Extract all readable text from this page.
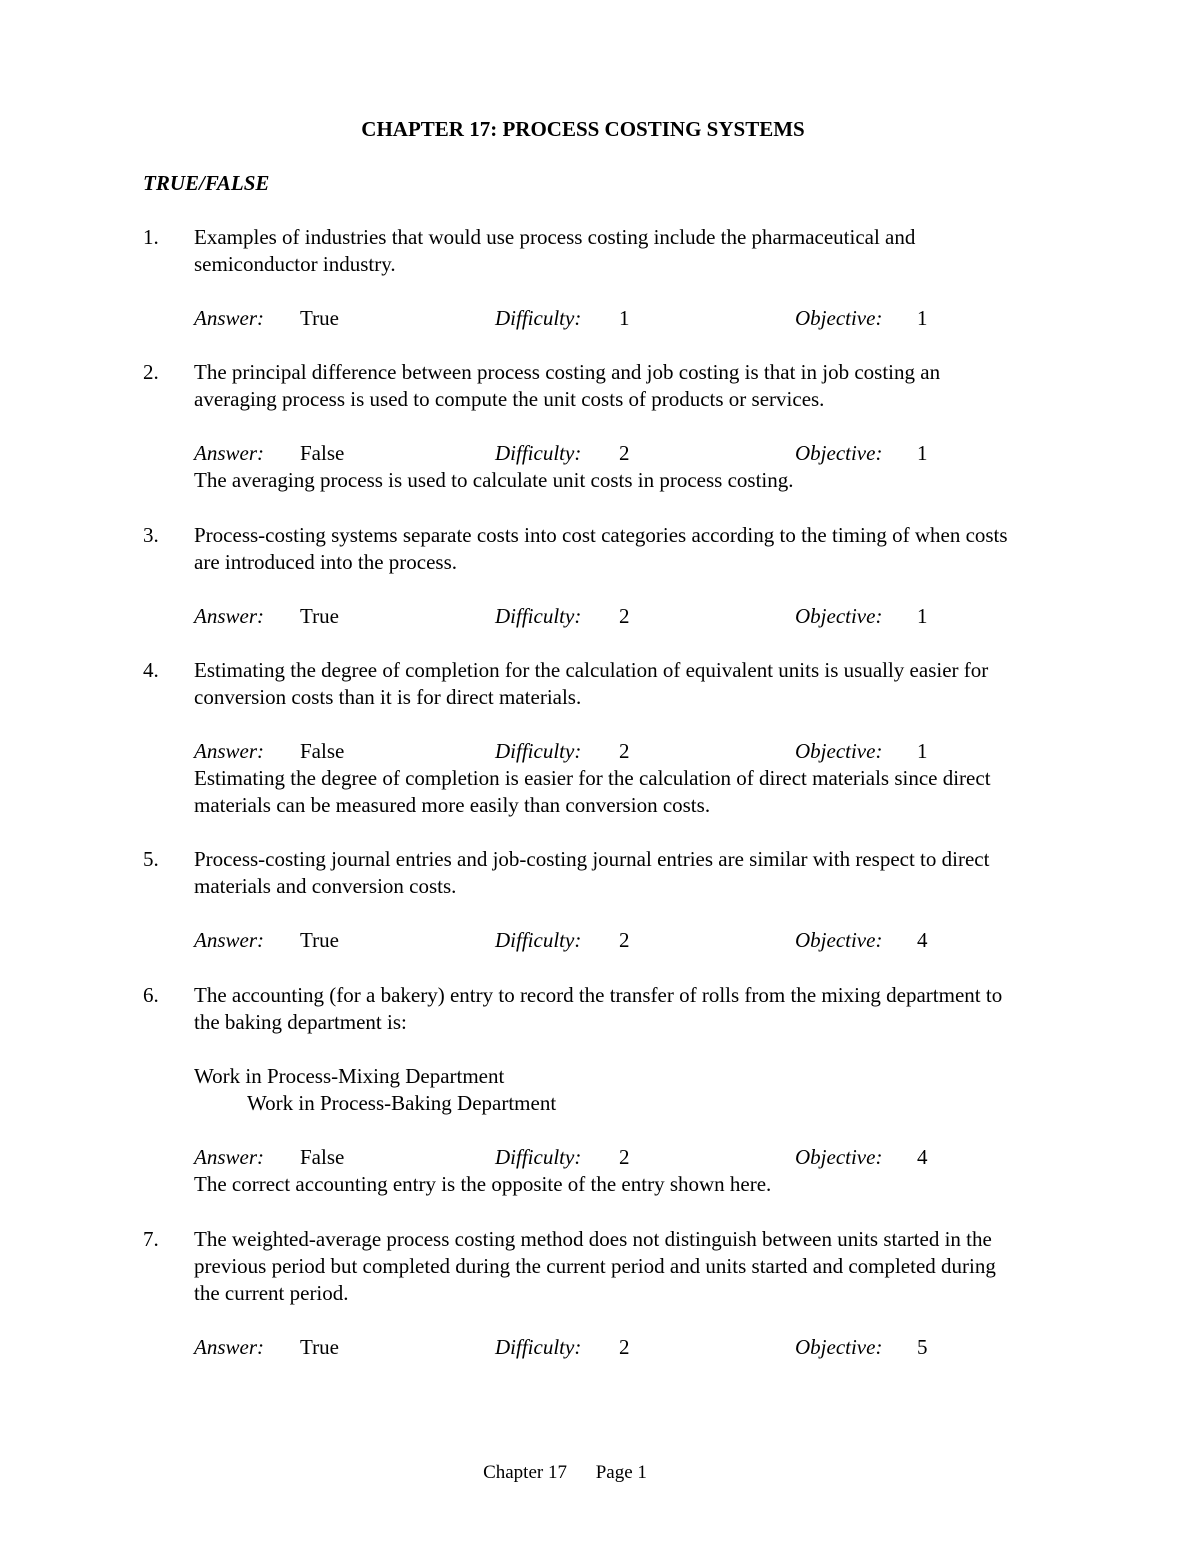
CHAPTER 17: PROCESS COSTING SYSTEMS
TRUE/FALSE
1. Examples of industries that would use process costing include the pharmaceutical and semiconductor industry.
Answer: True	Difficulty: 1	Objective: 1
2. The principal difference between process costing and job costing is that in job costing an averaging process is used to compute the unit costs of products or services.
Answer: False	Difficulty: 2	Objective: 1
The averaging process is used to calculate unit costs in process costing.
3. Process-costing systems separate costs into cost categories according to the timing of when costs are introduced into the process.
Answer: True	Difficulty: 2	Objective: 1
4. Estimating the degree of completion for the calculation of equivalent units is usually easier for conversion costs than it is for direct materials.
Answer: False	Difficulty: 2	Objective: 1
Estimating the degree of completion is easier for the calculation of direct materials since direct materials can be measured more easily than conversion costs.
5. Process-costing journal entries and job-costing journal entries are similar with respect to direct materials and conversion costs.
Answer: True	Difficulty: 2	Objective: 4
6. The accounting (for a bakery) entry to record the transfer of rolls from the mixing department to the baking department is:
Work in Process-Mixing Department
Work in Process-Baking Department
Answer: False	Difficulty: 2	Objective: 4
The correct accounting entry is the opposite of the entry shown here.
7. The weighted-average process costing method does not distinguish between units started in the previous period but completed during the current period and units started and completed during the current period.
Answer: True	Difficulty: 2	Objective: 5
Chapter 17 Page 1
